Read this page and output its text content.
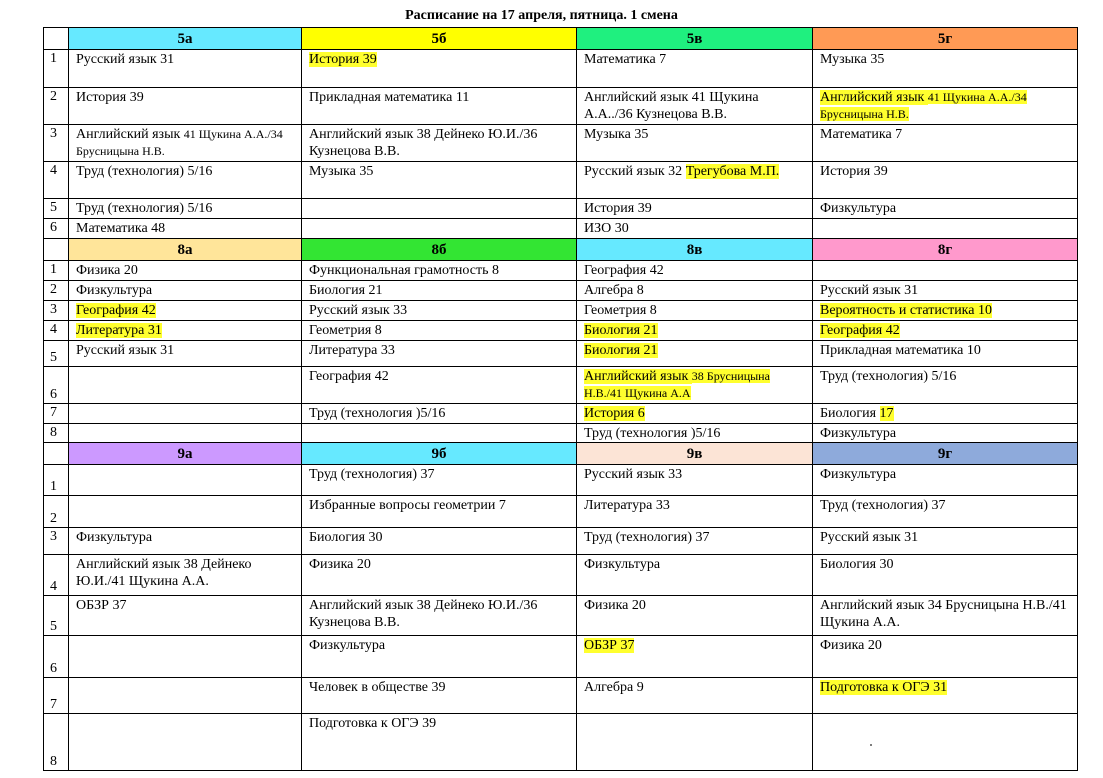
Расписание на 17 апреля, пятница. 1 смена
	5а	5б	5в	5г
1	Русский язык 31	История 39	Математика 7	Музыка 35
2	История 39	Прикладная математика 11	Английский язык 41 Щукина А.А../36 Кузнецова В.В.	Английский язык 41 Щукина А.А./34 Брусницына Н.В.
3	Английский язык 41 Щукина А.А./34 Брусницына Н.В.	Английский язык 38 Дейнеко Ю.И./36 Кузнецова В.В.	Музыка 35	Математика 7
4	Труд (технология) 5/16	Музыка 35	Русский язык 32 Трегубова М.П.	История 39
5	Труд (технология) 5/16		История 39	Физкультура
6	Математика 48		ИЗО 30	
	8а	8б	8в	8г
1	Физика 20	Функциональная грамотность 8	География 42	
2	Физкультура	Биология 21	Алгебра 8	Русский язык 31
3	География 42	Русский язык 33	Геометрия 8	Вероятность и статистика 10
4	Литература 31	Геометрия 8	Биология 21	География 42
5	Русский язык 31	Литература 33	Биология 21	Прикладная математика 10
6		География 42	Английский язык 38 Брусницына Н.В./41 Щукина А.А	Труд (технология) 5/16
7		Труд (технология )5/16	История 6	Биология 17
8			Труд (технология )5/16	Физкультура
	9а	9б	9в	9г
1		Труд (технология) 37	Русский язык 33	Физкультура
2		Избранные вопросы геометрии 7	Литература 33	Труд (технология) 37
3	Физкультура	Биология 30	Труд (технология) 37	Русский язык 31
4	Английский язык 38 Дейнеко Ю.И./41 Щукина А.А.	Физика 20	Физкультура	Биология 30
5	ОБЗР 37	Английский язык 38 Дейнеко Ю.И./36 Кузнецова В.В.	Физика 20	Английский язык 34 Брусницына Н.В./41 Щукина А.А.
6		Физкультура	ОБЗР 37	Физика 20
7		Человек в обществе 39	Алгебра 9	Подготовка к ОГЭ 31
8		Подготовка к ОГЭ 39		
